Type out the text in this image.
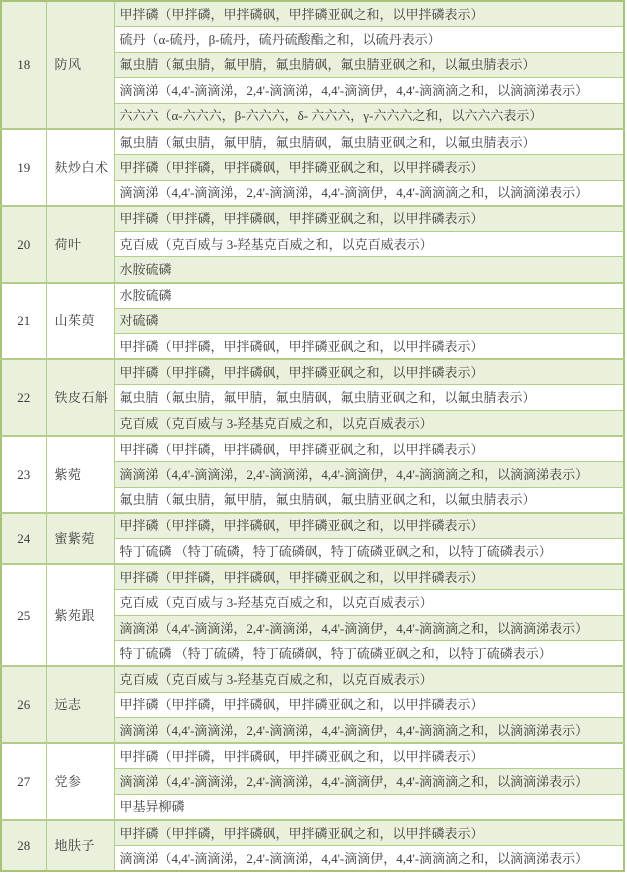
18	防风	甲拌磷（甲拌磷，甲拌磷砜，甲拌磷亚砜之和，以甲拌磷表示）
		硫丹（α-硫丹，β-硫丹，硫丹硫酸酯之和，以硫丹表示）
		氟虫腈（氟虫腈，氟甲腈，氟虫腈砜，氟虫腈亚砜之和，以氟虫腈表示）
		滴滴涕（4,4'-滴滴涕，2,4'-滴滴涕，4,4'-滴滴伊，4,4'-滴滴滴之和，以滴滴涕表示）
		六六六（α-六六六，β-六六六，δ- 六六六，γ-六六六之和，以六六六表示）
19	麸炒白术	氟虫腈（氟虫腈，氟甲腈，氟虫腈砜，氟虫腈亚砜之和，以氟虫腈表示）
		甲拌磷（甲拌磷，甲拌磷砜，甲拌磷亚砜之和，以甲拌磷表示）
		滴滴涕（4,4'-滴滴涕，2,4'-滴滴涕，4,4'-滴滴伊，4,4'-滴滴滴之和，以滴滴涕表示）
20	荷叶	甲拌磷（甲拌磷，甲拌磷砜，甲拌磷亚砜之和，以甲拌磷表示）
		克百威（克百威与 3-羟基克百威之和，以克百威表示）
		水胺硫磷
21	山茱萸	水胺硫磷
		对硫磷
		甲拌磷（甲拌磷，甲拌磷砜，甲拌磷亚砜之和，以甲拌磷表示）
22	铁皮石斛	甲拌磷（甲拌磷，甲拌磷砜，甲拌磷亚砜之和，以甲拌磷表示）
		氟虫腈（氟虫腈，氟甲腈，氟虫腈砜，氟虫腈亚砜之和，以氟虫腈表示）
		克百威（克百威与 3-羟基克百威之和，以克百威表示）
23	紫菀	甲拌磷（甲拌磷，甲拌磷砜，甲拌磷亚砜之和，以甲拌磷表示）
		滴滴涕（4,4'-滴滴涕，2,4'-滴滴涕，4,4'-滴滴伊，4,4'-滴滴滴之和，以滴滴涕表示）
		氟虫腈（氟虫腈，氟甲腈，氟虫腈砜，氟虫腈亚砜之和，以氟虫腈表示）
24	蜜紫菀	甲拌磷（甲拌磷，甲拌磷砜，甲拌磷亚砜之和，以甲拌磷表示）
		特丁硫磷 （特丁硫磷，特丁硫磷砜，特丁硫磷亚砜之和，以特丁硫磷表示）
25	紫苑跟	甲拌磷（甲拌磷，甲拌磷砜，甲拌磷亚砜之和，以甲拌磷表示）
		克百威（克百威与 3-羟基克百威之和，以克百威表示）
		滴滴涕（4,4'-滴滴涕，2,4'-滴滴涕，4,4'-滴滴伊，4,4'-滴滴滴之和，以滴滴涕表示）
		特丁硫磷 （特丁硫磷，特丁硫磷砜，特丁硫磷亚砜之和，以特丁硫磷表示）
26	远志	克百威（克百威与 3-羟基克百威之和，以克百威表示）
		甲拌磷（甲拌磷，甲拌磷砜，甲拌磷亚砜之和，以甲拌磷表示）
		滴滴涕（4,4'-滴滴涕，2,4'-滴滴涕，4,4'-滴滴伊，4,4'-滴滴滴之和，以滴滴涕表示）
27	党参	甲拌磷（甲拌磷，甲拌磷砜，甲拌磷亚砜之和，以甲拌磷表示）
		滴滴涕（4,4'-滴滴涕，2,4'-滴滴涕，4,4'-滴滴伊，4,4'-滴滴滴之和，以滴滴涕表示）
		甲基异柳磷
28	地肤子	甲拌磷（甲拌磷，甲拌磷砜，甲拌磷亚砜之和，以甲拌磷表示）
		滴滴涕（4,4'-滴滴涕，2,4'-滴滴涕，4,4'-滴滴伊，4,4'-滴滴滴之和，以滴滴涕表示）
